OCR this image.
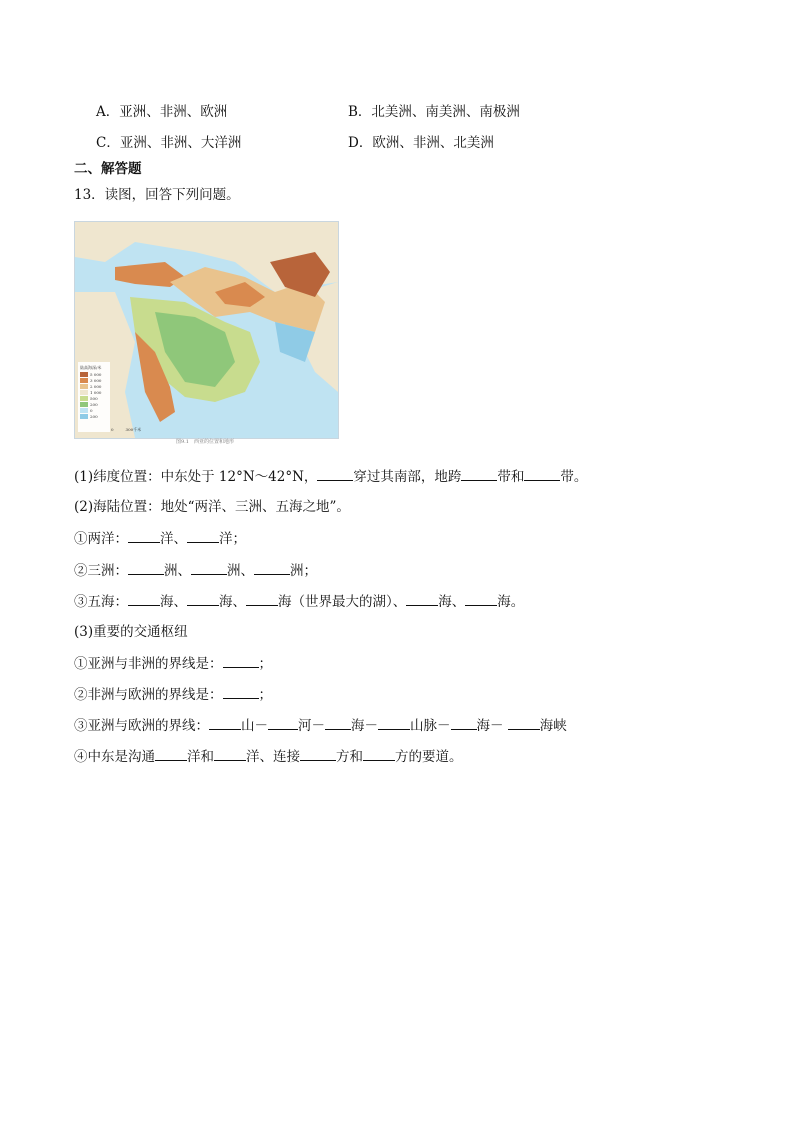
A．亚洲、非洲、欧洲	B．北美洲、南美洲、南极洲
C．亚洲、非洲、大洋洲	D．欧洲、非洲、北美洲
二、解答题
13．读图，回答下列问题。
陆高海深/米
5 000
3 000
2 000
1 000
500
200
0
200
0　　　300千米
图9.1　西亚的位置和地形
(1)纬度位置：中东处于 12°N～42°N，	穿过其南部，地跨	带和	带。
(2)海陆位置：地处“两洋、三洲、五海之地”。
①两洋： 洋、 洋；
②三洲：	洲、	洲、	洲；
③五海： 海、 海、 海（世界最大的湖）、 海、 海。
(3)重要的交通枢纽
①亚洲与非洲的界线是：	；
②非洲与欧洲的界线是：	；
③亚洲与欧洲的界线： 山－ 河－ 海－ 山脉－ 海－	海峡
④中东是沟通 洋和 洋、连接	方和 方的要道。
